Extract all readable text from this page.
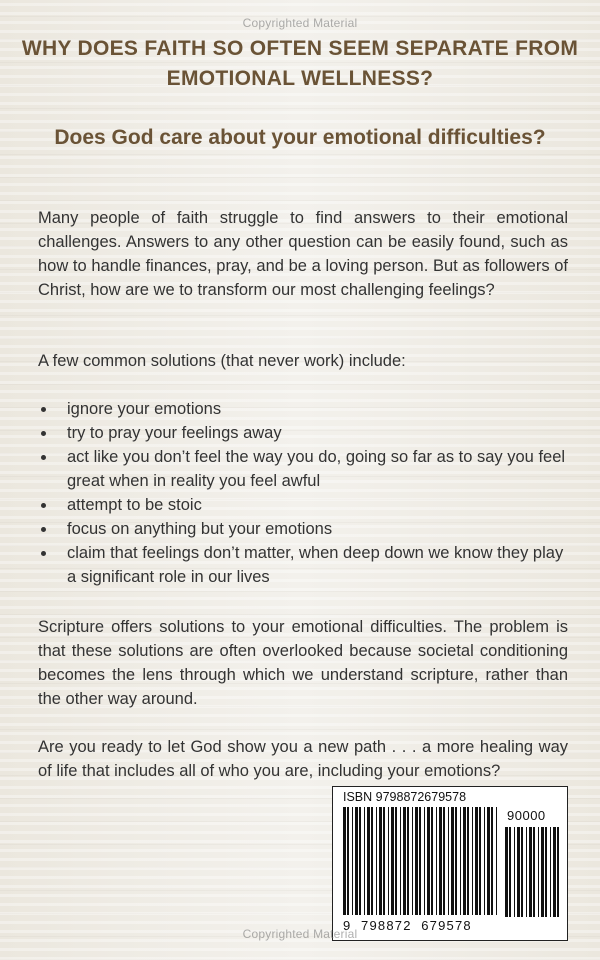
Copyrighted Material
WHY DOES FAITH SO OFTEN SEEM SEPARATE FROM EMOTIONAL WELLNESS?
Does God care about your emotional difficulties?

Many people of faith struggle to find answers to their emotional challenges. Answers to any other question can be easily found, such as how to handle finances, pray, and be a loving person. But as followers of Christ, how are we to transform our most challenging feelings?

A few common solutions (that never work) include:

ignore your emotions
try to pray your feelings away
act like you don’t feel the way you do, going so far as to say you feel great when in reality you feel awful
attempt to be stoic
focus on anything but your emotions
claim that feelings don’t matter, when deep down we know they play a significant role in our lives

Scripture offers solutions to your emotional difficulties. The problem is that these solutions are often overlooked because societal conditioning becomes the lens through which we understand scripture, rather than the other way around.

Are you ready to let God show you a new path . . . a more healing way of life that includes all of who you are, including your emotions?

ISBN 9798872679578
90000
9  798872  679578
Copyrighted Material
